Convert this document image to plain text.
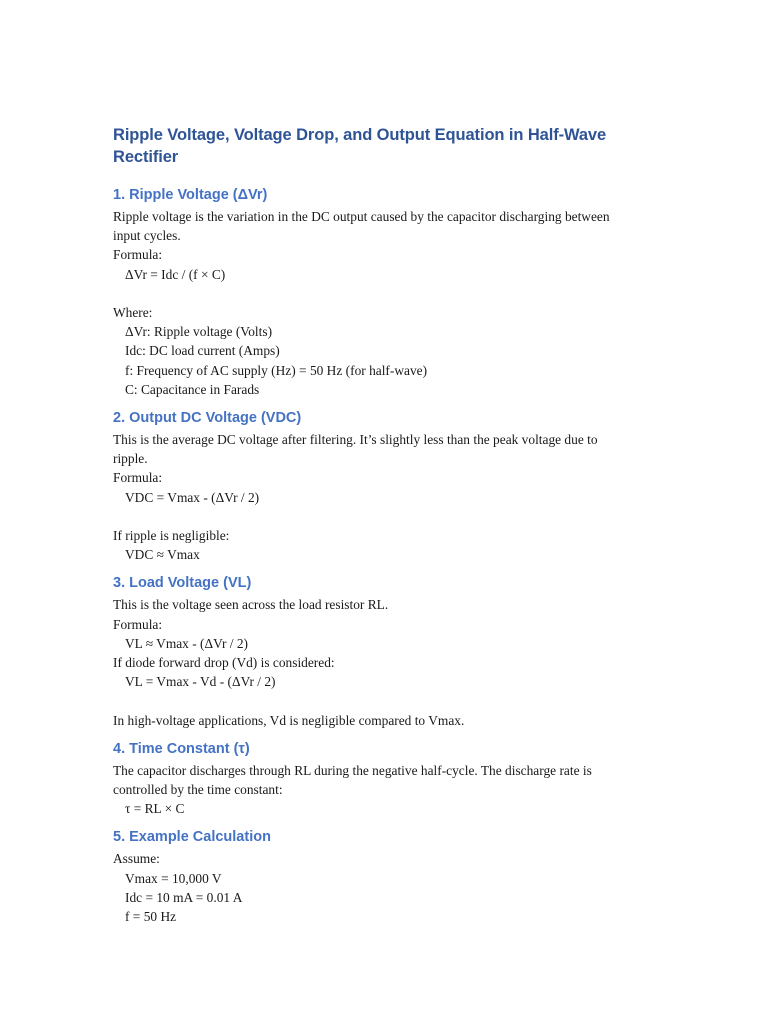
Ripple Voltage, Voltage Drop, and Output Equation in Half-Wave Rectifier
1. Ripple Voltage (ΔVr)

Ripple voltage is the variation in the DC output caused by the capacitor discharging between

input cycles.

Formula:

ΔVr = Idc / (f × C)

Where:

ΔVr: Ripple voltage (Volts)

Idc: DC load current (Amps)

f: Frequency of AC supply (Hz) = 50 Hz (for half-wave)

C: Capacitance in Farads

2. Output DC Voltage (VDC)

This is the average DC voltage after filtering. It’s slightly less than the peak voltage due to

ripple.

Formula:

VDC = Vmax - (ΔVr / 2)

If ripple is negligible:

VDC ≈ Vmax

3. Load Voltage (VL)

This is the voltage seen across the load resistor RL.

Formula:

VL ≈ Vmax - (ΔVr / 2)

If diode forward drop (Vd) is considered:

VL = Vmax - Vd - (ΔVr / 2)

In high-voltage applications, Vd is negligible compared to Vmax.

4. Time Constant (τ)

The capacitor discharges through RL during the negative half-cycle. The discharge rate is

controlled by the time constant:

τ = RL × C

5. Example Calculation

Assume:

Vmax = 10,000 V

Idc = 10 mA = 0.01 A

f = 50 Hz
